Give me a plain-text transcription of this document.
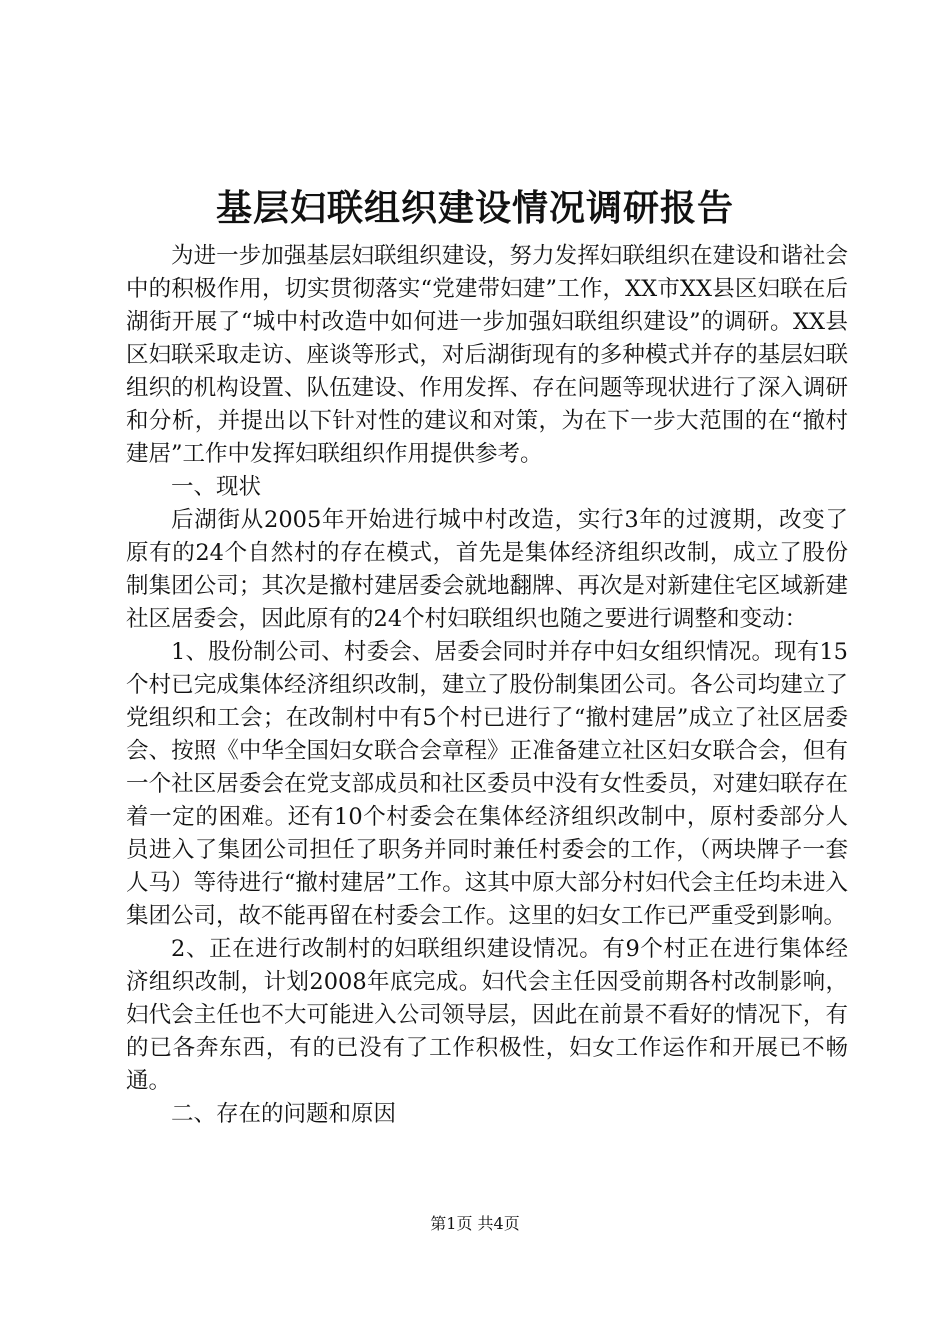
基层妇联组织建设情况调研报告

为进一步加强基层妇联组织建设，努力发挥妇联组织在建设和谐社会中的积极作用，切实贯彻落实“党建带妇建”工作，XX市XX县区妇联在后湖街开展了“城中村改造中如何进一步加强妇联组织建设”的调研。XX县区妇联采取走访、座谈等形式，对后湖街现有的多种模式并存的基层妇联组织的机构设置、队伍建设、作用发挥、存在问题等现状进行了深入调研和分析，并提出以下针对性的建议和对策，为在下一步大范围的在“撤村建居”工作中发挥妇联组织作用提供参考。

一、现状

后湖街从2005年开始进行城中村改造，实行3年的过渡期，改变了原有的24个自然村的存在模式，首先是集体经济组织改制，成立了股份制集团公司；其次是撤村建居委会就地翻牌、再次是对新建住宅区域新建社区居委会，因此原有的24个村妇联组织也随之要进行调整和变动：

1、股份制公司、村委会、居委会同时并存中妇女组织情况。现有15个村已完成集体经济组织改制，建立了股份制集团公司。各公司均建立了党组织和工会；在改制村中有5个村已进行了“撤村建居”成立了社区居委会、按照《中华全国妇女联合会章程》正准备建立社区妇女联合会，但有一个社区居委会在党支部成员和社区委员中没有女性委员，对建妇联存在着一定的困难。还有10个村委会在集体经济组织改制中，原村委部分人员进入了集团公司担任了职务并同时兼任村委会的工作，（两块牌子一套人马）等待进行“撤村建居”工作。这其中原大部分村妇代会主任均未进入集团公司，故不能再留在村委会工作。这里的妇女工作已严重受到影响。

2、正在进行改制村的妇联组织建设情况。有9个村正在进行集体经济组织改制，计划2008年底完成。妇代会主任因受前期各村改制影响，妇代会主任也不大可能进入公司领导层，因此在前景不看好的情况下，有的已各奔东西，有的已没有了工作积极性，妇女工作运作和开展已不畅通。

二、存在的问题和原因

第1页 共4页
